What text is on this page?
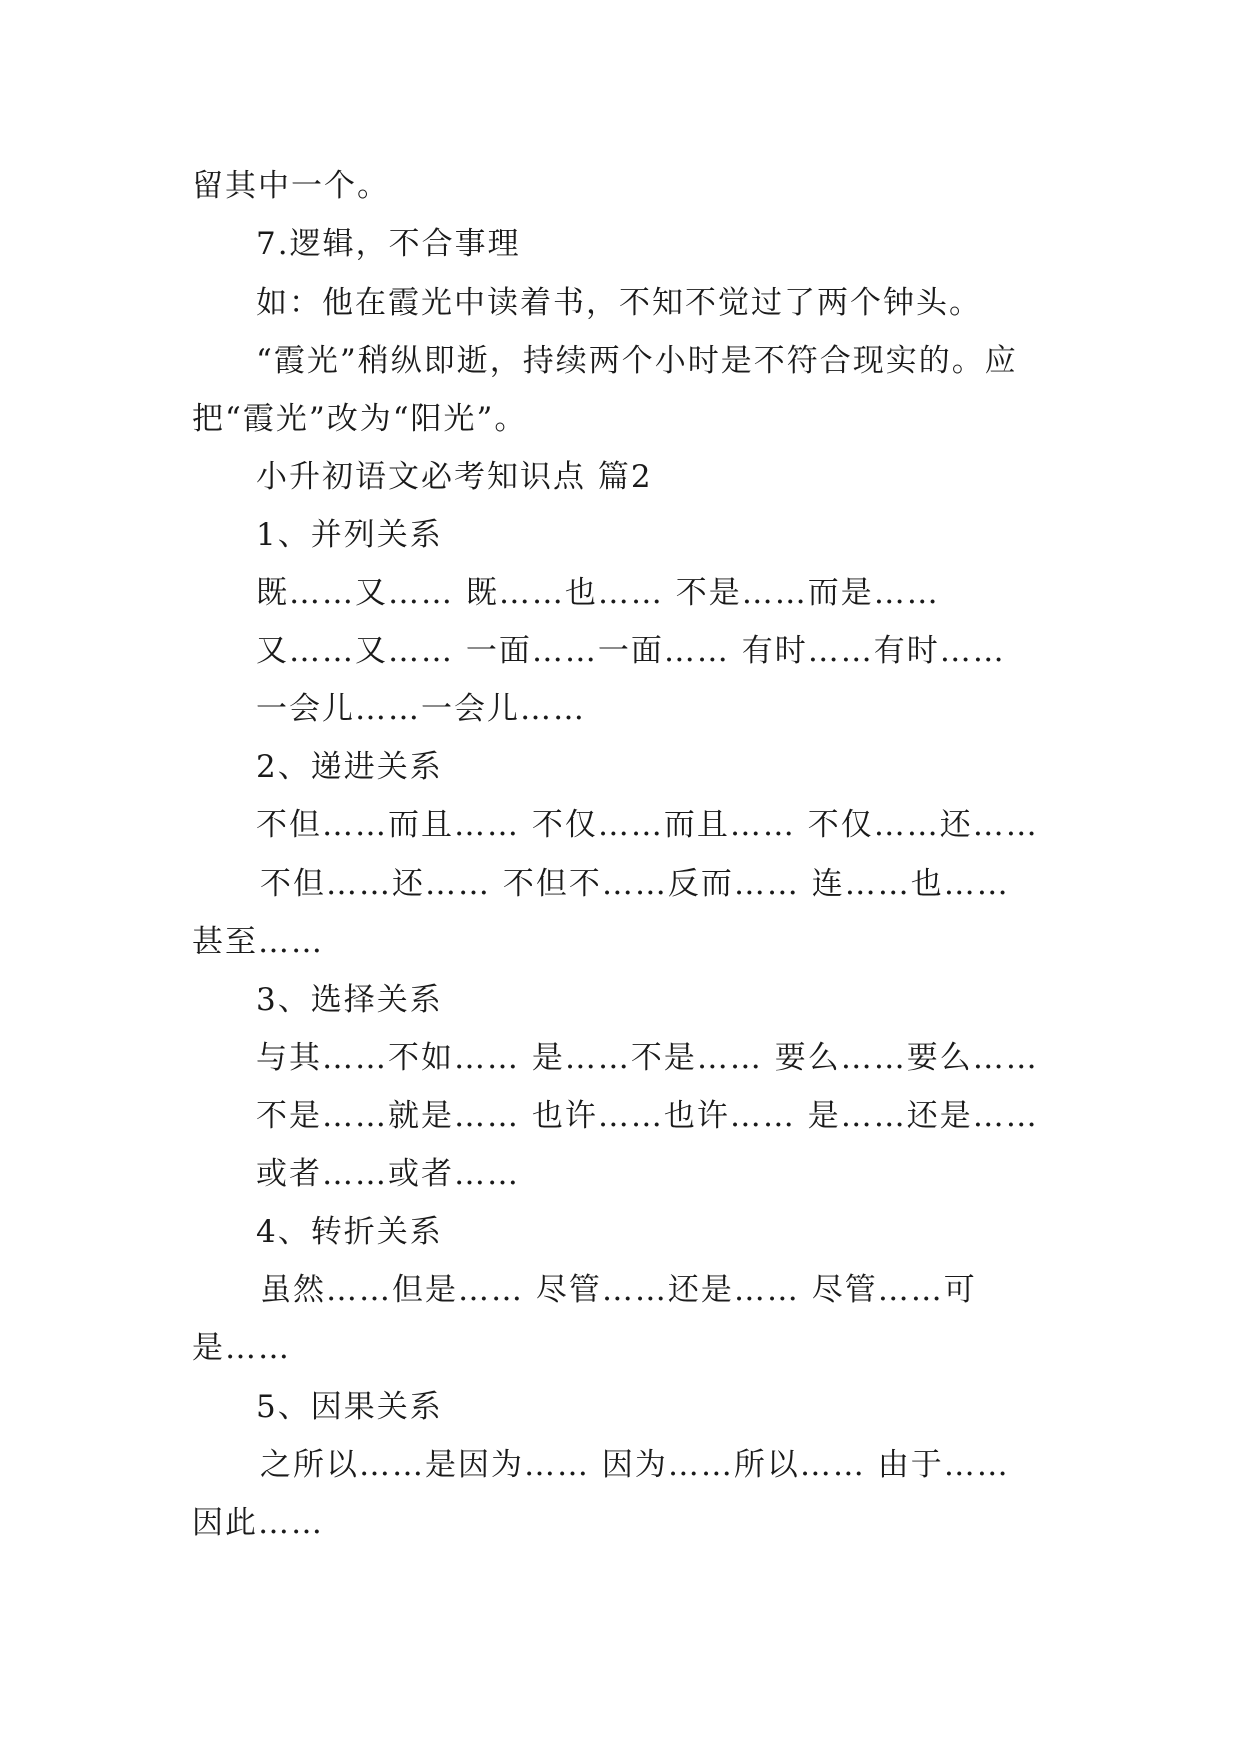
留其中一个。
7.逻辑，不合事理
如：他在霞光中读着书，不知不觉过了两个钟头。
“霞光”稍纵即逝，持续两个小时是不符合现实的。应
把“霞光”改为“阳光”。
小升初语文必考知识点 篇2
1、并列关系
既……又…… 既……也…… 不是……而是……
又……又…… 一面……一面…… 有时……有时……
一会儿……一会儿……
2、递进关系
不但……而且…… 不仅……而且…… 不仅……还……
不但……还…… 不但不……反而…… 连……也……
甚至……
3、选择关系
与其……不如…… 是……不是…… 要么……要么……
不是……就是…… 也许……也许…… 是……还是……
或者……或者……
4、转折关系
虽然……但是…… 尽管……还是…… 尽管……可
是……
5、因果关系
之所以……是因为…… 因为……所以…… 由于……
因此……
